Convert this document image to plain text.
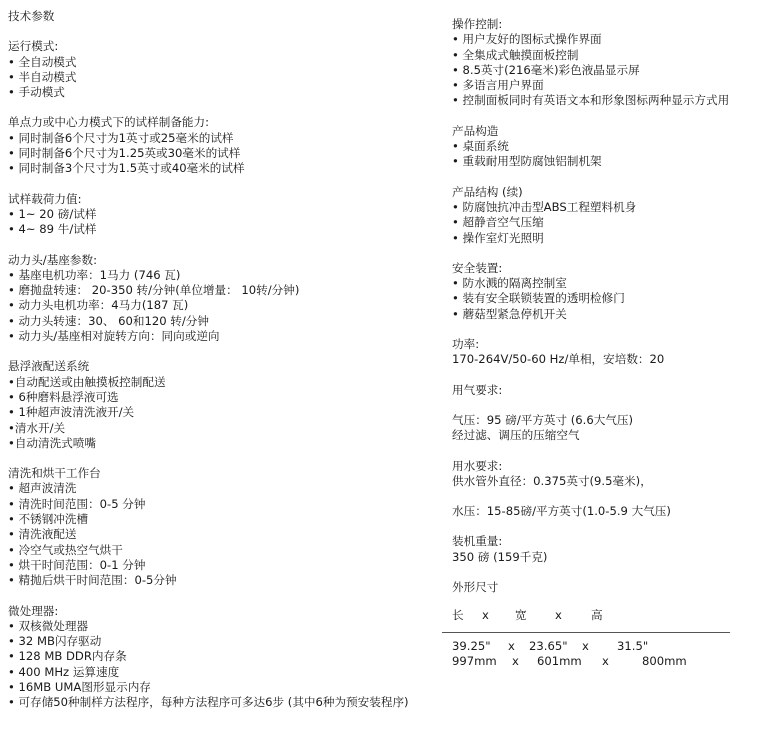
技术参数
运行模式:
• 全自动模式
• 半自动模式
• 手动模式
单点力或中心力模式下的试样制备能力:
• 同时制备6个尺寸为1英寸或25毫米的试样
• 同时制备6个尺寸为1.25英或30毫米的试样
• 同时制备3个尺寸为1.5英寸或40毫米的试样
试样载荷力值:
• 1~ 20 磅/试样
• 4~ 89 牛/试样
动力头/基座参数:
• 基座电机功率：1马力 (746 瓦)
• 磨抛盘转速： 20-350 转/分钟(单位增量： 10转/分钟)
• 动力头电机功率：4马力(187 瓦)
• 动力头转速：30、 60和120 转/分钟
• 动力头/基座相对旋转方向：同向或逆向
悬浮液配送系统
•自动配送或由触摸板控制配送
• 6种磨料悬浮液可选
• 1种超声波清洗液开/关
•清水开/关
•自动清洗式喷嘴
清洗和烘干工作台
• 超声波清洗
• 清洗时间范围：0-5 分钟
• 不锈钢冲洗槽
• 清洗液配送
• 冷空气或热空气烘干
• 烘干时间范围：0-1 分钟
• 精抛后烘干时间范围：0-5分钟
微处理器:
• 双核微处理器
• 32 MB闪存驱动
• 128 MB DDR内存条
• 400 MHz 运算速度
• 16MB UMA图形显示内存
• 可存储50种制样方法程序，每种方法程序可多达6步 (其中6种为预安装程序)
操作控制:
• 用户友好的图标式操作界面
• 全集成式触摸面板控制
• 8.5英寸(216毫米)彩色液晶显示屏
• 多语言用户界面
• 控制面板同时有英语文本和形象图标两种显示方式用
产品构造
• 桌面系统
• 重载耐用型防腐蚀铝制机架
产品结构 (续)
• 防腐蚀抗冲击型ABS工程塑料机身
• 超静音空气压缩
• 操作室灯光照明
安全装置:
• 防水溅的隔离控制室
• 装有安全联锁装置的透明检修门
• 蘑菇型紧急停机开关
功率:
170-264V/50-60 Hz/单相，安培数：20
用气要求:
气压：95 磅/平方英寸 (6.6大气压)
经过滤、调压的压缩空气
用水要求:
供水管外直径：0.375英寸(9.5毫米)，
水压：15-85磅/平方英寸(1.0-5.9 大气压)
装机重量:
350 磅 (159千克)
外形尺寸
长	x	宽	x	高
39.25"	x	23.65"	x	31.5"
997mm	x	601mm	x	800mm
